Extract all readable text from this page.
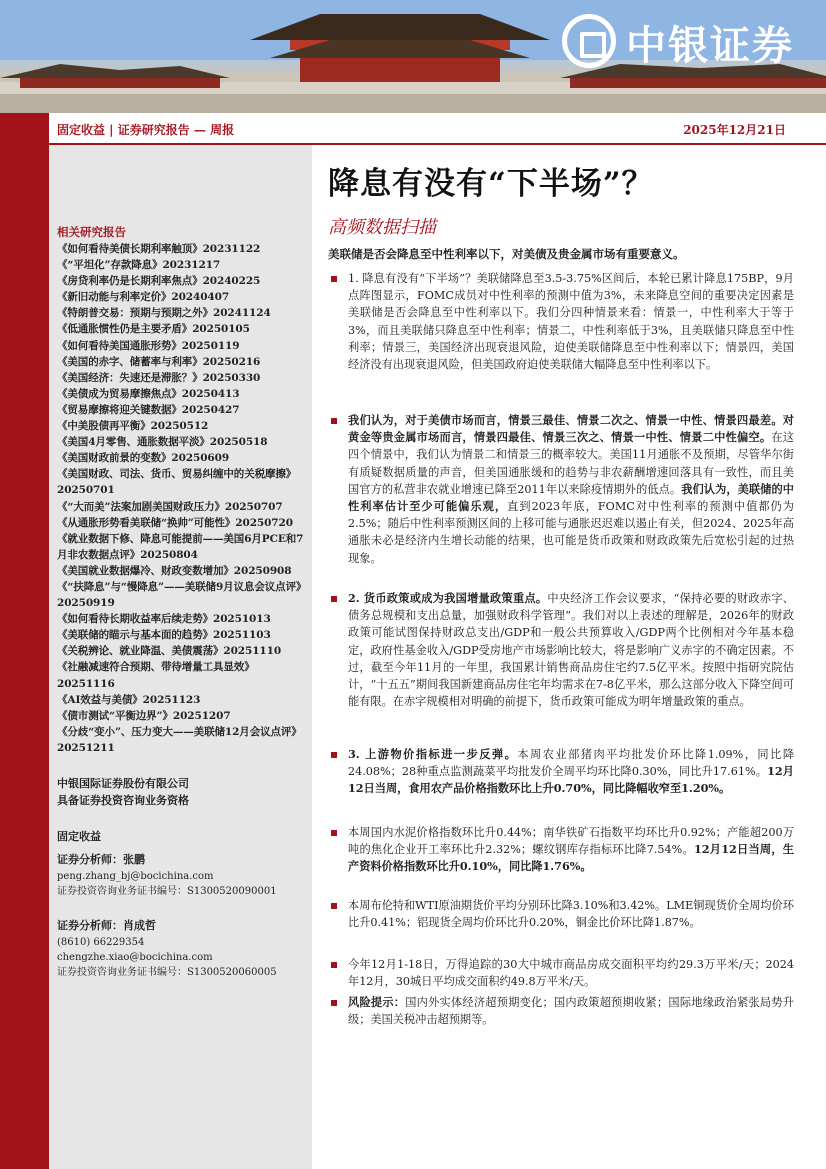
中银证券
固定收益 | 证券研究报告 — 周报	2025年12月21日
相关研究报告
《如何看待美债长期利率触顶》20231122
《“平坦化”存款降息》20231217
《房贷利率仍是长期利率焦点》20240225
《新旧动能与利率定价》20240407
《特朗普交易：预期与预期之外》20241124
《低通胀惯性仍是主要矛盾》20250105
《如何看待美国通胀形势》20250119
《美国的赤字、储蓄率与利率》20250216
《美国经济：失速还是滞胀？》20250330
《美债成为贸易摩擦焦点》20250413
《贸易摩擦将迎关键数据》20250427
《中美股债再平衡》20250512
《美国4月零售、通胀数据平淡》20250518
《美国财政前景的变数》20250609
《美国财政、司法、货币、贸易纠缠中的关税摩擦》20250701
《“大而美”法案加剧美国财政压力》20250707
《从通胀形势看美联储“换帅”可能性》20250720
《就业数据下修、降息可能提前——美国6月PCE和7月非农数据点评》20250804
《美国就业数据爆冷、财政变数增加》20250908
《“扶降息”与“慢降息”——美联储9月议息会议点评》20250919
《如何看待长期收益率后续走势》20251013
《美联储的瞄示与基本面的趋势》20251103
《关税辨论、就业降温、美债震荡》20251110
《社融减速符合预期、带待增量工具显效》20251116
《AI效益与美债》20251123
《债市测试“平衡边界”》20251207
《分歧“变小”、压力变大——美联储12月会议点评》20251211
中银国际证券股份有限公司
具备证券投资咨询业务资格
固定收益
证券分析师：张鹏
peng.zhang_bj@bocichina.com
证券投资咨询业务证书编号：S1300520090001
证券分析师：肖成哲
(8610) 66229354
chengzhe.xiao@bocichina.com
证券投资咨询业务证书编号：S1300520060005
降息有没有“下半场”？
高频数据扫描
美联储是否会降息至中性利率以下，对美债及贵金属市场有重要意义。
1. 降息有没有“下半场”？美联储降息至3.5-3.75%区间后，本轮已累计降息175BP，9月点阵图显示，FOMC成员对中性利率的预测中值为3%，未来降息空间的重要决定因素是美联储是否会降息至中性利率以下。我们分四种情景来看：情景一，中性利率大于等于3%，而且美联储只降息至中性利率；情景二，中性利率低于3%，且美联储只降息至中性利率；情景三，美国经济出现衰退风险，迫使美联储降息至中性利率以下；情景四，美国经济没有出现衰退风险，但美国政府迫使美联储大幅降息至中性利率以下。
我们认为，对于美债市场而言，情景三最佳、情景二次之、情景一中性、情景四最差。对黄金等贵金属市场而言，情景四最佳、情景三次之、情景一中性、情景二中性偏空。在这四个情景中，我们认为情景二和情景三的概率较大。美国11月通胀不及预期，尽管华尔街有质疑数据质量的声音，但美国通胀缓和的趋势与非农薪酬增速回落具有一致性，而且美国官方的私营非农就业增速已降至2011年以来除疫情期外的低点。我们认为，美联储的中性利率估计至少可能偏乐观，直到2023年底，FOMC对中性利率的预测中值都仍为2.5%；随后中性利率预测区间的上移可能与通胀迟迟难以遏止有关，但2024、2025年高通胀未必是经济内生增长动能的结果，也可能是货币政策和财政政策先后宽松引起的过热现象。
2. 货币政策或成为我国增量政策重点。中央经济工作会议要求，“保持必要的财政赤字、债务总规模和支出总量，加强财政科学管理”。我们对以上表述的理解是，2026年的财政政策可能试图保持财政总支出/GDP和一般公共预算收入/GDP两个比例相对今年基本稳定，政府性基金收入/GDP受房地产市场影响比较大，将是影响广义赤字的不确定因素。不过，截至今年11月的一年里，我国累计销售商品房住宅约7.5亿平米。按照中指研究院估计，“十五五”期间我国新建商品房住宅年均需求在7-8亿平米，那么这部分收入下降空间可能有限。在赤字规模相对明确的前提下，货币政策可能成为明年增量政策的重点。
3. 上游物价指标进一步反弹。本周农业部猪肉平均批发价环比降1.09%，同比降24.08%；28种重点监测蔬菜平均批发价全周平均环比降0.30%，同比升17.61%。12月12日当周，食用农产品价格指数环比上升0.70%，同比降幅收窄至1.20%。
本周国内水泥价格指数环比升0.44%；南华铁矿石指数平均环比升0.92%；产能超200万吨的焦化企业开工率环比升2.32%；螺纹钢库存指标环比降7.54%。12月12日当周，生产资料价格指数环比升0.10%，同比降1.76%。
本周布伦特和WTI原油期货价平均分别环比降3.10%和3.42%。LME铜现货价全周均价环比升0.41%；铝现货全周均价环比升0.20%，铜金比价环比降1.87%。
今年12月1-18日，万得追踪的30大中城市商品房成交面积平均约29.3万平米/天；2024年12月，30城日平均成交面积约49.8万平米/天。
风险提示：国内外实体经济超预期变化；国内政策超预期收紧；国际地缘政治紧张局势升级；美国关税冲击超预期等。
